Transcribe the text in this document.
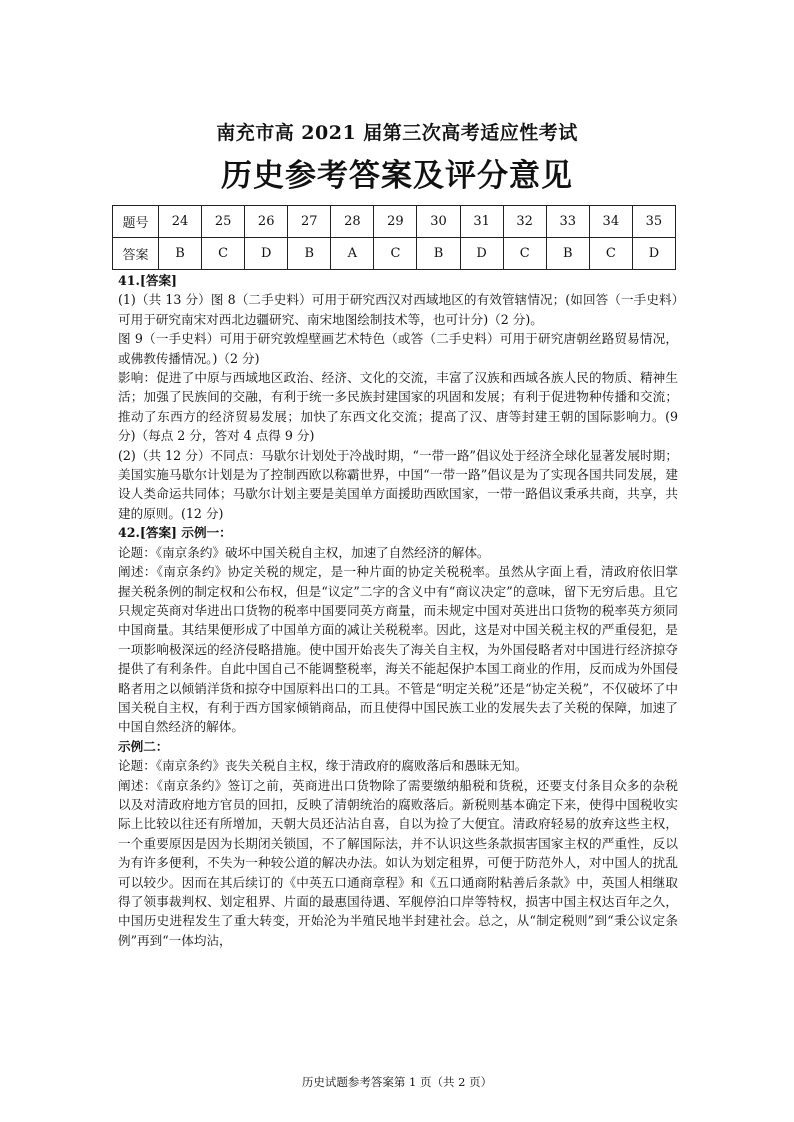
南充市高 2021 届第三次高考适应性考试
历史参考答案及评分意见
题号	24	25	26	27	28	29	30	31	32	33	34	35
答案	B	C	D	B	A	C	B	D	C	B	C	D

41.[答案]

(1)（共 13 分）图 8（二手史料）可用于研究西汉对西域地区的有效管辖情况；(如回答（一手史料）可用于研究南宋对西北边疆研究、南宋地图绘制技术等，也可计分)（2 分)。

图 9（一手史料）可用于研究敦煌壁画艺术特色（或答（二手史料）可用于研究唐朝丝路贸易情况，或佛教传播情况。)（2 分)

影响：促进了中原与西域地区政治、经济、文化的交流，丰富了汉族和西域各族人民的物质、精神生活；加强了民族间的交融，有利于统一多民族封建国家的巩固和发展；有利于促进物种传播和交流；推动了东西方的经济贸易发展；加快了东西文化交流；提高了汉、唐等封建王朝的国际影响力。(9 分)（每点 2 分，答对 4 点得 9 分)

(2)（共 12 分）不同点：马歇尔计划处于冷战时期，“一带一路”倡议处于经济全球化显著发展时期；美国实施马歇尔计划是为了控制西欧以称霸世界，中国“一带一路”倡议是为了实现各国共同发展，建设人类命运共同体；马歇尔计划主要是美国单方面援助西欧国家，一带一路倡议秉承共商，共享，共建的原则。(12 分)

42.[答案] 示例一：

论题：《南京条约》破坏中国关税自主权，加速了自然经济的解体。

阐述：《南京条约》协定关税的规定，是一种片面的协定关税税率。虽然从字面上看，清政府依旧掌握关税条例的制定权和公布权，但是“议定”二字的含义中有“商议决定”的意味，留下无穷后患。且它只规定英商对华进出口货物的税率中国要同英方商量，而未规定中国对英进出口货物的税率英方须同中国商量。其结果便形成了中国单方面的减让关税税率。因此，这是对中国关税主权的严重侵犯，是一项影响极深远的经济侵略措施。使中国开始丧失了海关自主权，为外国侵略者对中国进行经济掠夺提供了有利条件。自此中国自己不能调整税率，海关不能起保护本国工商业的作用，反而成为外国侵略者用之以倾销洋货和掠夺中国原料出口的工具。不管是“明定关税”还是“协定关税”，不仅破坏了中国关税自主权，有利于西方国家倾销商品，而且使得中国民族工业的发展失去了关税的保障，加速了中国自然经济的解体。

示例二：

论题：《南京条约》丧失关税自主权，缘于清政府的腐败落后和愚昧无知。

阐述：《南京条约》签订之前，英商进出口货物除了需要缴纳船税和货税，还要支付条目众多的杂税以及对清政府地方官员的回扣，反映了清朝统治的腐败落后。新税则基本确定下来，使得中国税收实际上比较以往还有所增加，天朝大员还沾沾自喜，自以为捡了大便宜。清政府轻易的放弃这些主权，一个重要原因是因为长期闭关锁国，不了解国际法，并不认识这些条款损害国家主权的严重性，反以为有许多便利，不失为一种较公道的解决办法。如认为划定租界，可便于防范外人，对中国人的扰乱可以较少。因而在其后续订的《中英五口通商章程》和《五口通商附粘善后条款》中，英国人相继取得了领事裁判权、划定租界、片面的最惠国待遇、军舰停泊口岸等特权，损害中国主权达百年之久，中国历史进程发生了重大转变，开始沦为半殖民地半封建社会。总之，从“制定税则”到“秉公议定条例”再到“一体均沾，

历史试题参考答案第 1 页（共 2 页）
